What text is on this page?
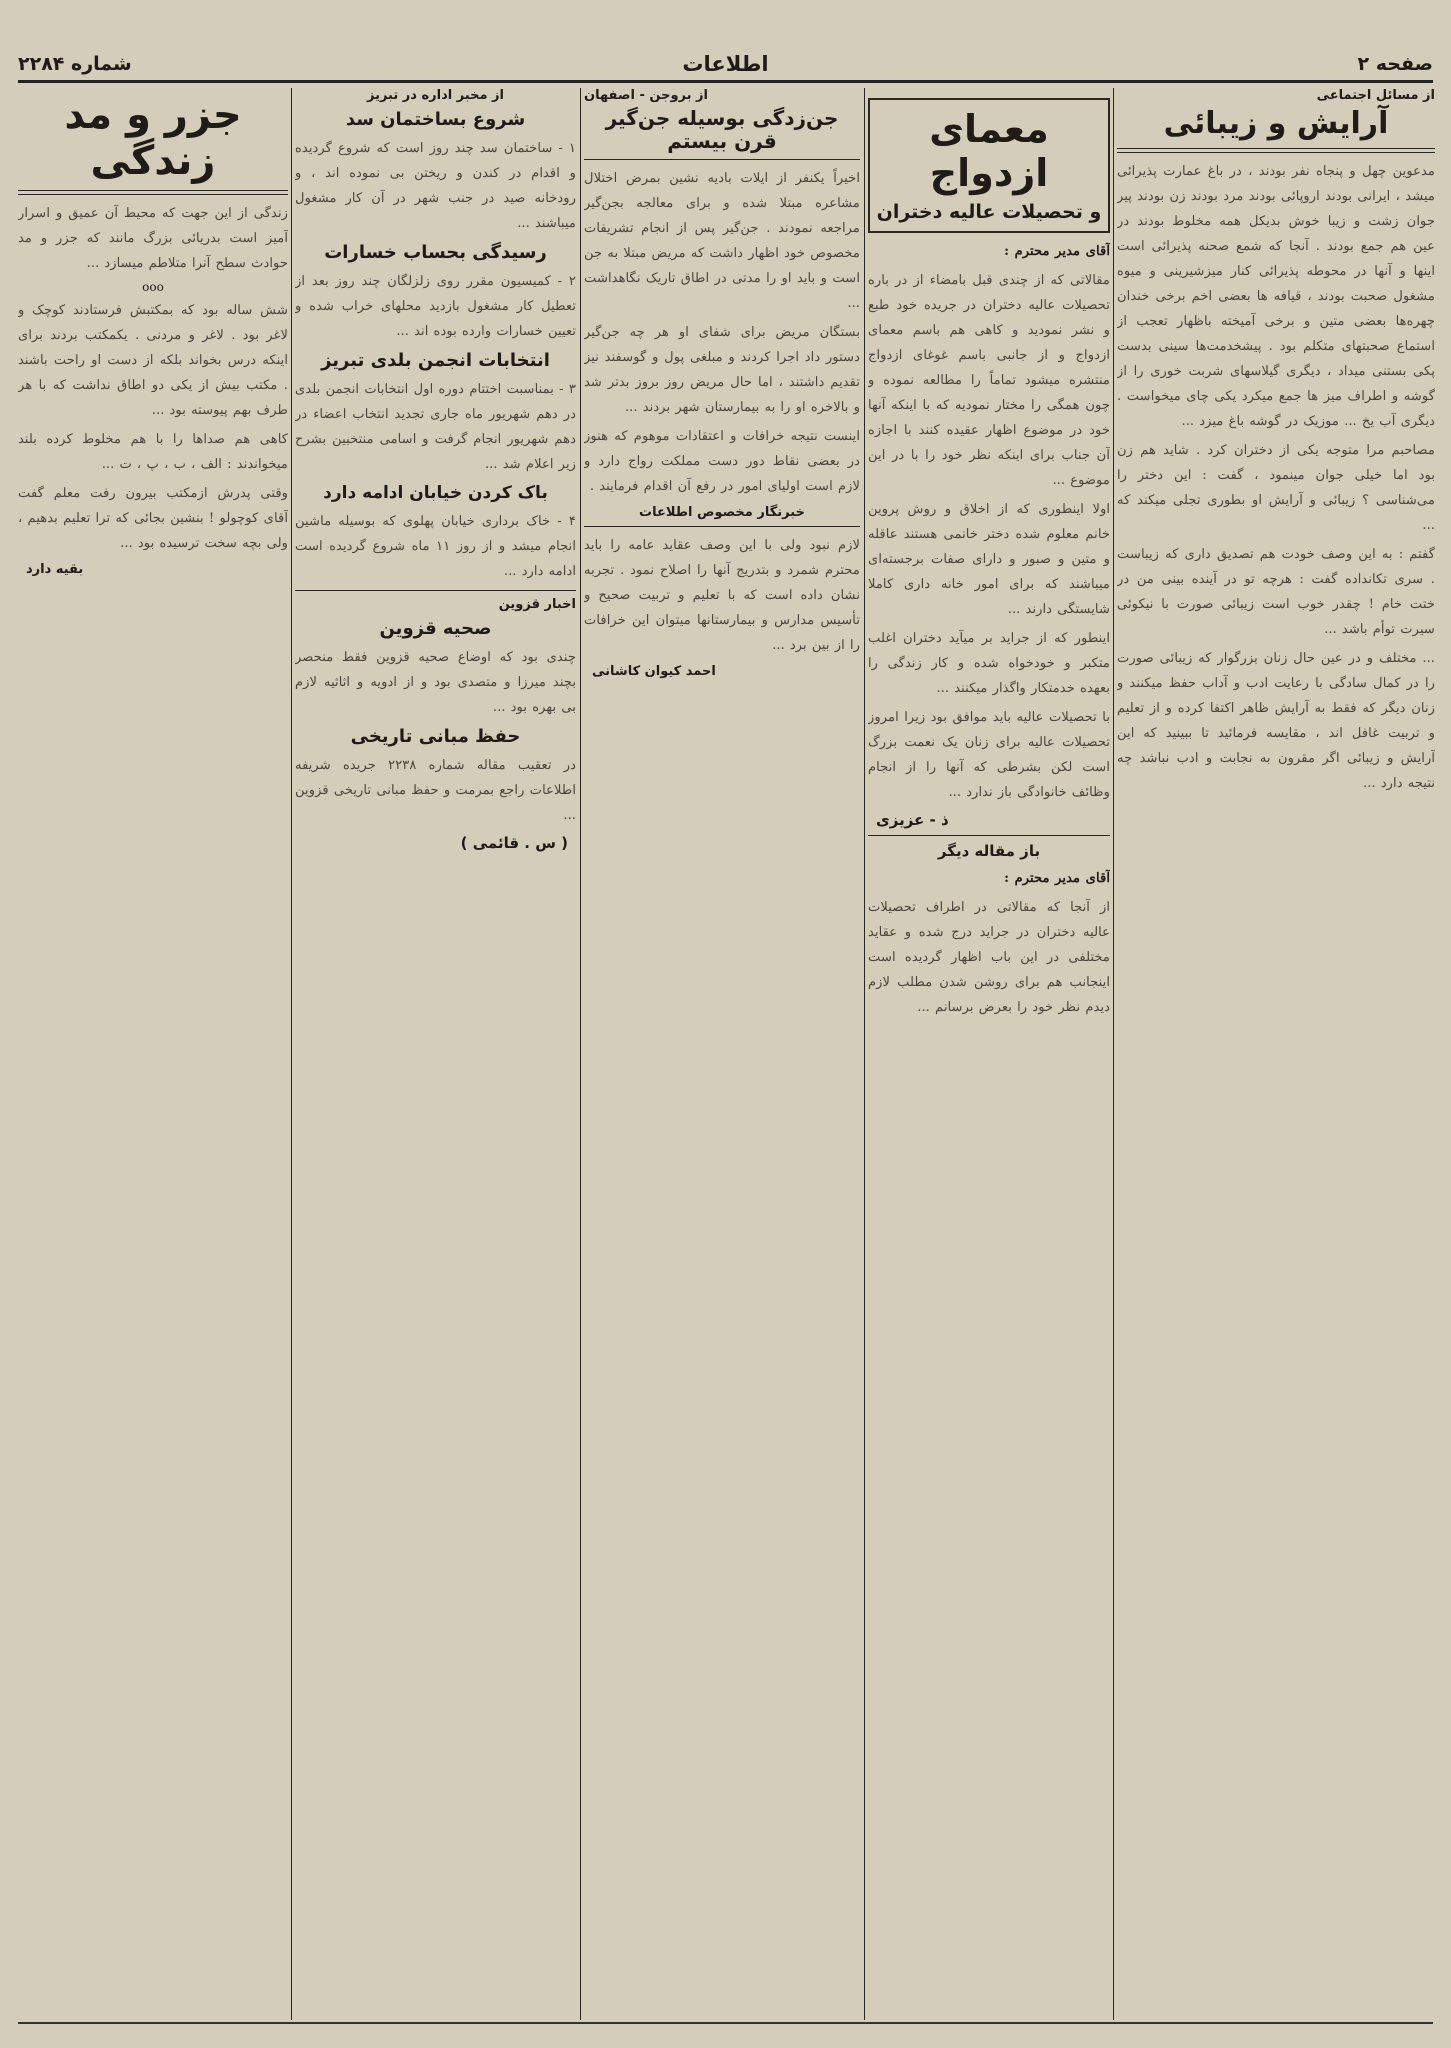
صفحه ۲
اطلاعات
شماره ۲۲۸۴
از مسائل اجتماعی
آرایش و زیبائی

مدعوین چهل و پنجاه نفر بودند ، در باغ عمارت پذیرائی میشد ، ایرانی بودند اروپائی بودند مرد بودند زن بودند پیر جوان زشت و زیبا خوش بدیکل همه مخلوط بودند در عین هم جمع بودند . آنجا که شمع صحنه پذیرائی است اینها و آنها در محوطه پذیرائی کنار میزشیرینی و میوه مشغول صحبت بودند ، قیافه ها بعضی اخم برخی خندان چهره‌ها بعضی متین و برخی آمیخته باظهار تعجب از استماع صحبتهای متکلم بود . پیشخدمت‌ها سینی بدست پکی بستنی میداد ، دیگری گیلاسهای شربت خوری را از گوشه و اطراف میز ها جمع میکرد یکی چای میخواست . دیگری آب یخ ... موزیک در گوشه باغ میزد ...

مصاحبم مرا متوجه یکی از دختران کرد . شاید هم زن بود اما خیلی جوان مینمود ، گفت : این دختر را می‌شناسی ؟ زیبائی و آرایش او بطوری تجلی میکند که ...

گفتم : به این وصف خودت هم تصدیق داری که زیباست . سری تکانداده گفت : هرچه تو در آینده بینی من در ختت خام ! چقدر خوب است زیبائی صورت با نیکوئی سیرت توأم باشد ...

... مختلف و در عین حال زنان بزرگوار که زیبائی صورت را در کمال سادگی با رعایت ادب و آداب حفظ میکنند و زنان دیگر که فقط به آرایش ظاهر اکتفا کرده و از تعلیم و تربیت غافل اند ، مقایسه فرمائید تا ببینید که این آرایش و زیبائی اگر مقرون به نجابت و ادب نباشد چه نتیجه دارد ...

معمای ازدواج
و تحصیلات عالیه دختران

آقای مدیر محترم :

مقالاتی که از چندی قبل بامضاء از در باره تحصیلات عالیه دختران در جریده خود طبع و نشر نمودید و کاهی هم باسم معمای ازدواج و از جانبی باسم غوغای ازدواج منتشره میشود تماماً را مطالعه نموده و چون همگی را مختار نمودیه که با اینکه آنها خود در موضوع اظهار عقیده کنند با اجازه آن جناب برای اینکه نظر خود را با در این موضوع ...

اولا اینطوری که از اخلاق و روش پروین خانم معلوم شده دختر خانمی هستند عاقله و متین و صبور و دارای صفات برجسته‌ای میباشند که برای امور خانه داری کاملا شایستگی دارند ...

اینطور که از جراید بر میآید دختران اغلب متکبر و خودخواه شده و کار زندگی را بعهده خدمتکار واگذار میکنند ...

با تحصیلات عالیه باید موافق بود زیرا امروز تحصیلات عالیه برای زنان یک نعمت بزرگ است لکن بشرطی که آنها را از انجام وظائف خانوادگی باز ندارد ...

ذ - عزیزی
باز مقاله دیگر

آقای مدیر محترم :

از آنجا که مقالاتی در اطراف تحصیلات عالیه دختران در جراید درج شده و عقاید مختلفی در این باب اظهار گردیده است اینجانب هم برای روشن شدن مطلب لازم دیدم نظر خود را بعرض برسانم ...

از بروجن - اصفهان
جن‌زدگی بوسیله جن‌گیر قرن بیستم

اخیراً یکنفر از ایلات بادیه نشین بمرض اختلال مشاعره مبتلا شده و برای معالجه بجن‌گیر مراجعه نمودند . جن‌گیر پس از انجام تشریفات مخصوص خود اظهار داشت که مریض مبتلا به جن است و باید او را مدتی در اطاق تاریک نگاهداشت ...

بستگان مریض برای شفای او هر چه جن‌گیر دستور داد اجرا کردند و مبلغی پول و گوسفند نیز تقدیم داشتند ، اما حال مریض روز بروز بدتر شد و بالاخره او را به بیمارستان شهر بردند ...

اینست نتیجه خرافات و اعتقادات موهوم که هنوز در بعضی نقاط دور دست مملکت رواج دارد و لازم است اولیای امور در رفع آن اقدام فرمایند .

خبرنگار مخصوص اطلاعات

لازم نبود ولی با این وصف عقاید عامه را باید محترم شمرد و بتدریج آنها را اصلاح نمود . تجربه نشان داده است که با تعلیم و تربیت صحیح و تأسیس مدارس و بیمارستانها میتوان این خرافات را از بین برد ...

احمد کیوان کاشانی
از مخبر اداره در تبریز
شروع بساختمان سد

۱ - ساختمان سد چند روز است که شروع گردیده و اقدام در کندن و ریختن بی نموده اند ، و رودخانه صید در جنب شهر در آن کار مشغول میباشند ...

رسیدگی بحساب خسارات

۲ - کمیسیون مقرر روی زلزلگان چند روز بعد از تعطیل کار مشغول بازدید محلهای خراب شده و تعیین خسارات وارده بوده اند ...

انتخابات انجمن بلدی تبریز

۳ - بمناسبت اختتام دوره اول انتخابات انجمن بلدی در دهم شهریور ماه جاری تجدید انتخاب اعضاء در دهم شهریور انجام گرفت و اسامی منتخبین بشرح زیر اعلام شد ...

باک کردن خیابان ادامه دارد

۴ - خاک برداری خیابان پهلوی که بوسیله ماشین انجام میشد و از روز ۱۱ ماه شروع گردیده است ادامه دارد ...

اخبار قزوین
صحیه قزوین

چندی بود که اوضاع صحیه قزوین فقط منحصر بچند میرزا و متصدی بود و از ادویه و اثاثیه لازم بی بهره بود ...

حفظ مبانی تاریخی

در تعقیب مقاله شماره ۲۲۳۸ جریده شریفه اطلاعات راجع بمرمت و حفظ مبانی تاریخی قزوین ...

( س . قائمی )
جزر و مد زندگی

زندگی از این جهت که محیط آن عمیق و اسرار آمیز است بدریائی بزرگ مانند که جزر و مد حوادث سطح آنرا متلاطم میسازد ...

ooo

شش ساله بود که بمکتبش فرستادند کوچک و لاغر بود . لاغر و مردنی . یکمکتب بردند برای اینکه درس بخواند بلکه از دست او راحت باشند . مکتب بیش از یکی دو اطاق نداشت که با هر طرف بهم پیوسته بود ...

کاهی هم صداها را با هم مخلوط کرده بلند میخواندند : الف ، ب ، پ ، ت ...

وقتی پدرش ازمکتب بیرون رفت معلم گفت آقای کوچولو ! بنشین بجائی که ترا تعلیم بدهیم ، ولی بچه سخت ترسیده بود ...

بقیه دارد
